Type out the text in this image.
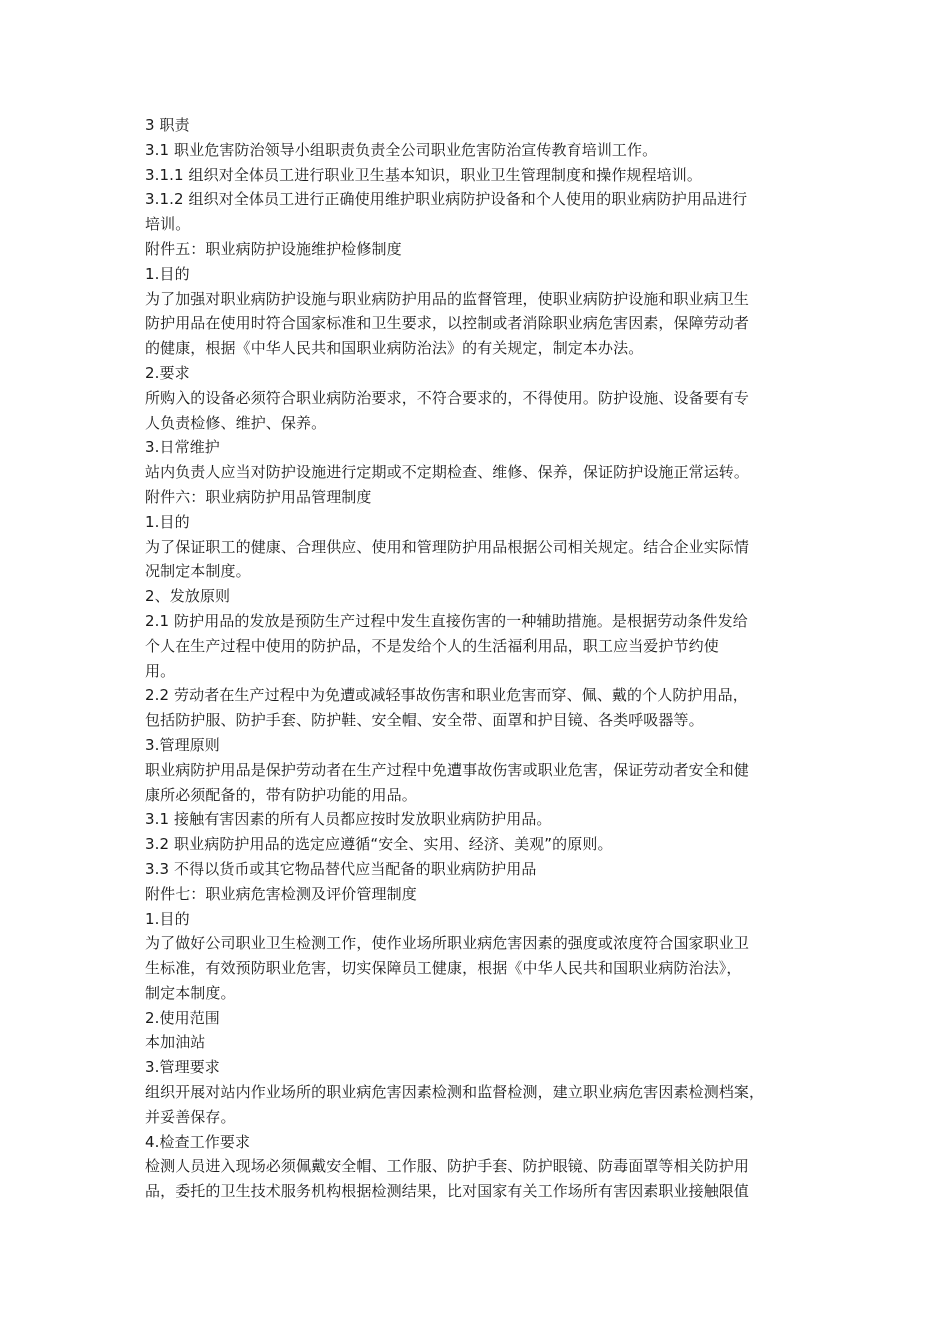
3 职责
3.1 职业危害防治领导小组职责负责全公司职业危害防治宣传教育培训工作。
3.1.1 组织对全体员工进行职业卫生基本知识，职业卫生管理制度和操作规程培训。
3.1.2 组织对全体员工进行正确使用维护职业病防护设备和个人使用的职业病防护用品进行
培训。
附件五：职业病防护设施维护检修制度
1.目的
为了加强对职业病防护设施与职业病防护用品的监督管理，使职业病防护设施和职业病卫生
防护用品在使用时符合国家标准和卫生要求，以控制或者消除职业病危害因素，保障劳动者
的健康，根据《中华人民共和国职业病防治法》的有关规定，制定本办法。
2.要求
所购入的设备必须符合职业病防治要求，不符合要求的，不得使用。防护设施、设备要有专
人负责检修、维护、保养。
3.日常维护
站内负责人应当对防护设施进行定期或不定期检查、维修、保养，保证防护设施正常运转。
附件六：职业病防护用品管理制度
1.目的
为了保证职工的健康、合理供应、使用和管理防护用品根据公司相关规定。结合企业实际情
况制定本制度。
2、发放原则
2.1 防护用品的发放是预防生产过程中发生直接伤害的一种辅助措施。是根据劳动条件发给
个人在生产过程中使用的防护品，不是发给个人的生活福利用品，职工应当爱护节约使
用。
2.2 劳动者在生产过程中为免遭或减轻事故伤害和职业危害而穿、佩、戴的个人防护用品，
包括防护服、防护手套、防护鞋、安全帽、安全带、面罩和护目镜、各类呼吸器等。
3.管理原则
职业病防护用品是保护劳动者在生产过程中免遭事故伤害或职业危害，保证劳动者安全和健
康所必须配备的，带有防护功能的用品。
3.1 接触有害因素的所有人员都应按时发放职业病防护用品。
3.2 职业病防护用品的选定应遵循“安全、实用、经济、美观”的原则。
3.3 不得以货币或其它物品替代应当配备的职业病防护用品
附件七：职业病危害检测及评价管理制度
1.目的
为了做好公司职业卫生检测工作，使作业场所职业病危害因素的强度或浓度符合国家职业卫
生标准，有效预防职业危害，切实保障员工健康，根据《中华人民共和国职业病防治法》，
制定本制度。
2.使用范围
本加油站
3.管理要求
组织开展对站内作业场所的职业病危害因素检测和监督检测，建立职业病危害因素检测档案，
并妥善保存。
4.检查工作要求
检测人员进入现场必须佩戴安全帽、工作服、防护手套、防护眼镜、防毒面罩等相关防护用
品，委托的卫生技术服务机构根据检测结果，比对国家有关工作场所有害因素职业接触限值
